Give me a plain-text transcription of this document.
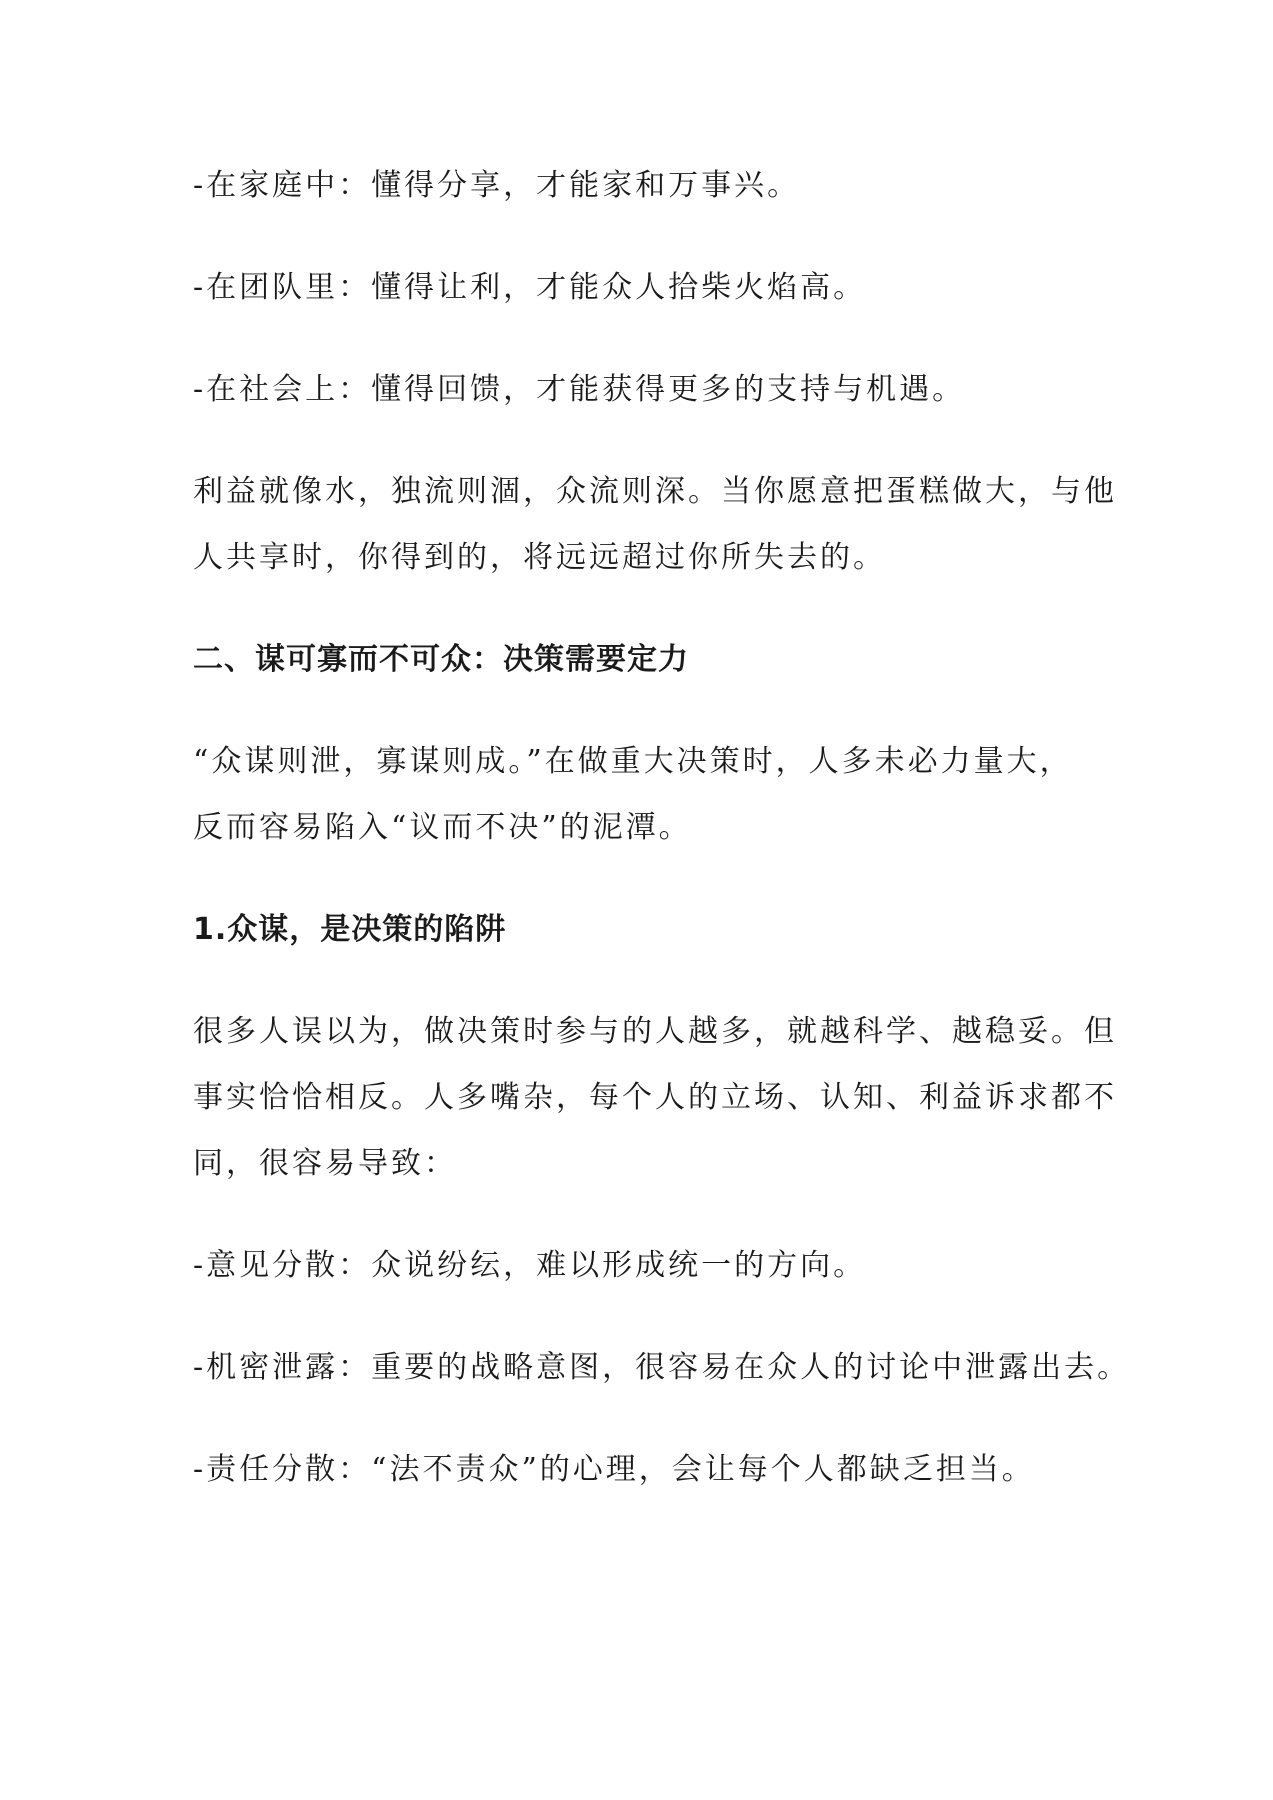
-在家庭中：懂得分享，才能家和万事兴。
-在团队里：懂得让利，才能众人拾柴火焰高。
-在社会上：懂得回馈，才能获得更多的支持与机遇。
利益就像水，独流则涸，众流则深。当你愿意把蛋糕做大，与他
人共享时，你得到的，将远远超过你所失去的。
二、谋可寡而不可众：决策需要定力
“众谋则泄，寡谋则成。”在做重大决策时，人多未必力量大，
反而容易陷入“议而不决”的泥潭。
1.众谋，是决策的陷阱
很多人误以为，做决策时参与的人越多，就越科学、越稳妥。但
事实恰恰相反。人多嘴杂，每个人的立场、认知、利益诉求都不
同，很容易导致：
-意见分散：众说纷纭，难以形成统一的方向。
-机密泄露：重要的战略意图，很容易在众人的讨论中泄露出去。
-责任分散：“法不责众”的心理，会让每个人都缺乏担当。
